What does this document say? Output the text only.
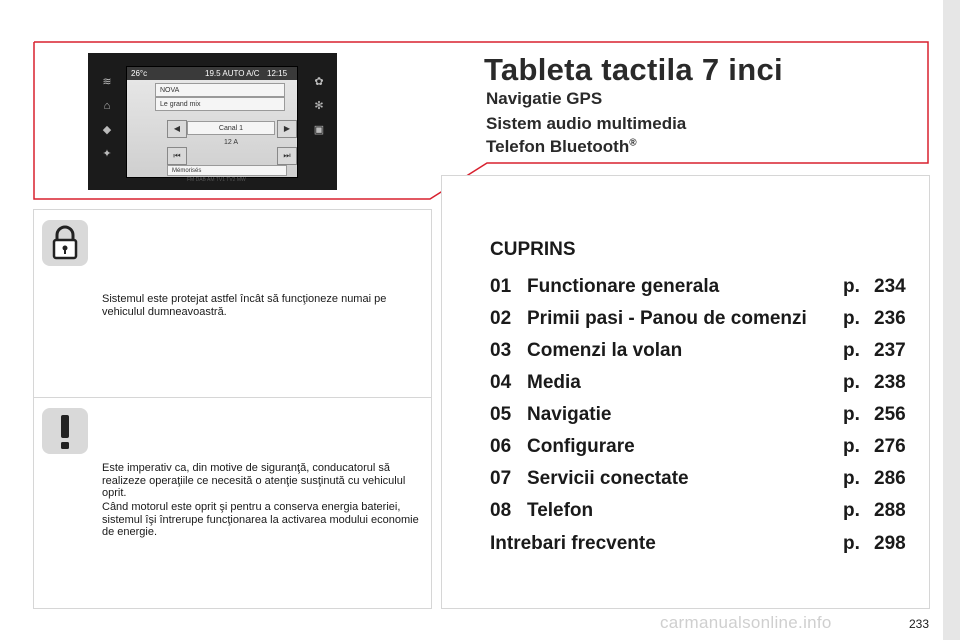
≋
⌂
◆
✦
✿
✻
▣
26°c	19.5 AUTO A/C 12:15
NOVA
Le grand mix
◀	Canal 1	▶
12 A
⏮	⏭
Mémorisés
FM DAB AM TV1 TV2 MW
Tableta tactila 7 inci
Navigatie GPS
Sistem audio multimedia
Telefon Bluetooth®
Sistemul este protejat astfel încât să funcţioneze numai pe vehiculul dumneavoastră.
Este imperativ ca, din motive de siguranţă, conducatorul să realizeze operaţiile ce necesită o atenţie susţinută cu vehiculul oprit.
Când motorul este oprit şi pentru a conserva energia bateriei, sistemul îşi întrerupe funcţionarea la activarea modului economie de energie.
CUPRINS
01 Functionare generala	p. 234
02 Primii pasi - Panou de comenzi p. 236
03 Comenzi la volan	p. 237
04 Media	p. 238
05 Navigatie	p. 256
06 Configurare	p. 276
07 Servicii conectate	p. 286
08 Telefon	p. 288
Intrebari frecvente	p. 298
carmanualsonline.info	233
